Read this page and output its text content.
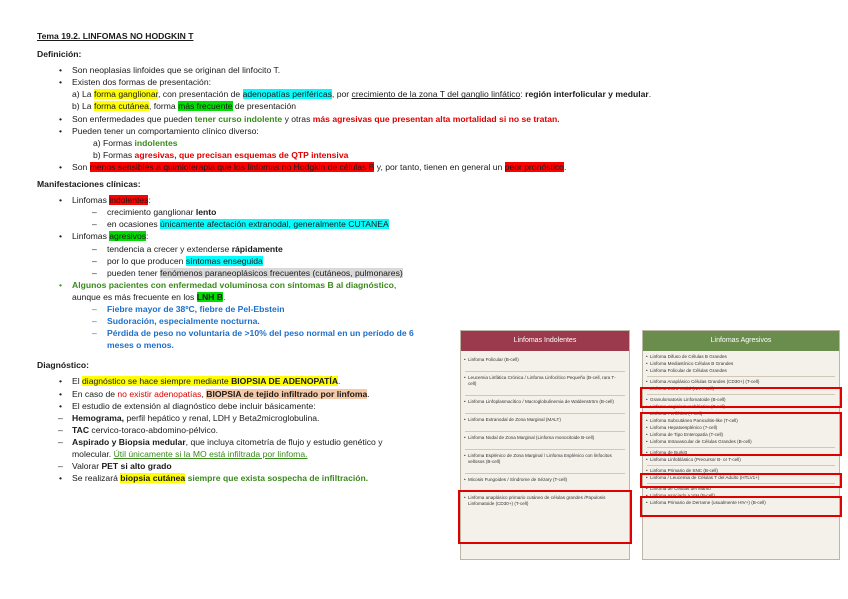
Tema 19.2. LINFOMAS NO HODGKIN T
Definición:
• Son neoplasias linfoides que se originan del linfocito T.
• Existen dos formas de presentación:
a) La forma ganglionar, con presentación de adenopatías periféricas, por crecimiento de la zona T del ganglio linfático: región interfolicular y medular.
b) La forma cutánea, forma más frecuente de presentación
• Son enfermedades que pueden tener curso indolente y otras más agresivas que presentan alta mortalidad si no se tratan.
• Pueden tener un comportamiento clínico diverso:
a) Formas indolentes
b) Formas agresivas, que precisan esquemas de QTP intensiva
• Son menos sensibles a quimioterapia que los linfomas no Hodgkin de células B y, por tanto, tienen en general un peor pronóstico.
Manifestaciones clínicas:
• Linfomas indolentes:
– crecimiento ganglionar lento
– en ocasiones únicamente afectación extranodal, generalmente CUTANEA
• Linfomas agresivos:
– tendencia a crecer y extenderse rápidamente
– por lo que producen síntomas enseguida
– pueden tener fenómenos paraneoplásicos frecuentes (cutáneos, pulmonares)
• Algunos pacientes con enfermedad voluminosa con síntomas B al diagnóstico,
aunque es más frecuente en los LNH B.
– Fiebre mayor de 38ºC, fiebre de Pel-Ebstein
– Sudoración, especialmente nocturna.
– Pérdida de peso no voluntaria de >10% del peso normal en un período de 6
meses o menos.
Diagnóstico:
• El diagnóstico se hace siempre mediante BIOPSIA DE ADENOPATÍA.
• En caso de no existir adenopatías, BIOPSIA de tejido infiltrado por linfoma.
• El estudio de extensión al diagnóstico debe incluir básicamente:
– Hemograma, perfil hepático y renal, LDH y Beta2microglobulina.
– TAC cervico-toraco-abdomino-pélvico.
– Aspirado y Biopsia medular, que incluya citometría de flujo y estudio genético y
molecular. Útil únicamente si la MO está infiltrada por linfoma.
– Valorar PET si alto grado
• Se realizará biopsia cutánea siempre que exista sospecha de infiltración.
Linfomas Indolentes
• Linfoma Folicular (B-cell)
• Leucemia Linfática Crónica / Linfoma Linfocítico Pequeño (B-cell, rara T-cell)
• Linfoma Linfoplasmacítico / Macroglobulinemia de Waldenström (B-cell)
• Linfoma Extranodal de Zona Marginal (MALT)
• Linfoma Nodal de Zona Marginal (Linfoma monocitoide B-cell)
• Linfoma Esplénico de Zona Marginal / Linfoma Esplénico con linfocitos vellosos (B-cell)
• Micosis Fungoides / Síndrome de Sézary (T-cell)
• Linfoma anaplásico primario cutáneo de células grandes /Papulosis Linfomatoide (CD30+) (T-cell)
Linfomas Agresivos
• Linfoma Difuso de Células B Grandes
• Linfoma Mediastínico Células B Grandes
• Linfoma Folicular de Células Grandes
• Linfoma Anaplásico Células Grandes (CD30+) (T-cell)
• Linfoma Extra-nodal (NK T-cell)
• Granulomatosis Linfomatoide (B-cell)
• Linfoma Angioinmunoblástico (T-cell)
• Linfoma Periférico (T-cell)
• Linfoma Subcutáneo Paniculitis-like (T-cell)
• Linfoma Hepatoesplénico (?-cell)
• Linfoma de Tipo Enteropatía (T-cell)
• Linfoma Intravascular de Células Grandes (B-cell)
• Linfoma de Burkitt
• Linfoma Linfoblástico (Precursor B- or T-cell)
• Linfoma Primario de SNC (B-cell)
• Linfoma / Leucemia de Células T del Adulto (HTLV1+)
• Linfoma de Células del Manto
• Linfoma Asociado a VIH (B-cell)
• Linfoma Primario de Derrame (usualmente HIV+) (B-cell)
